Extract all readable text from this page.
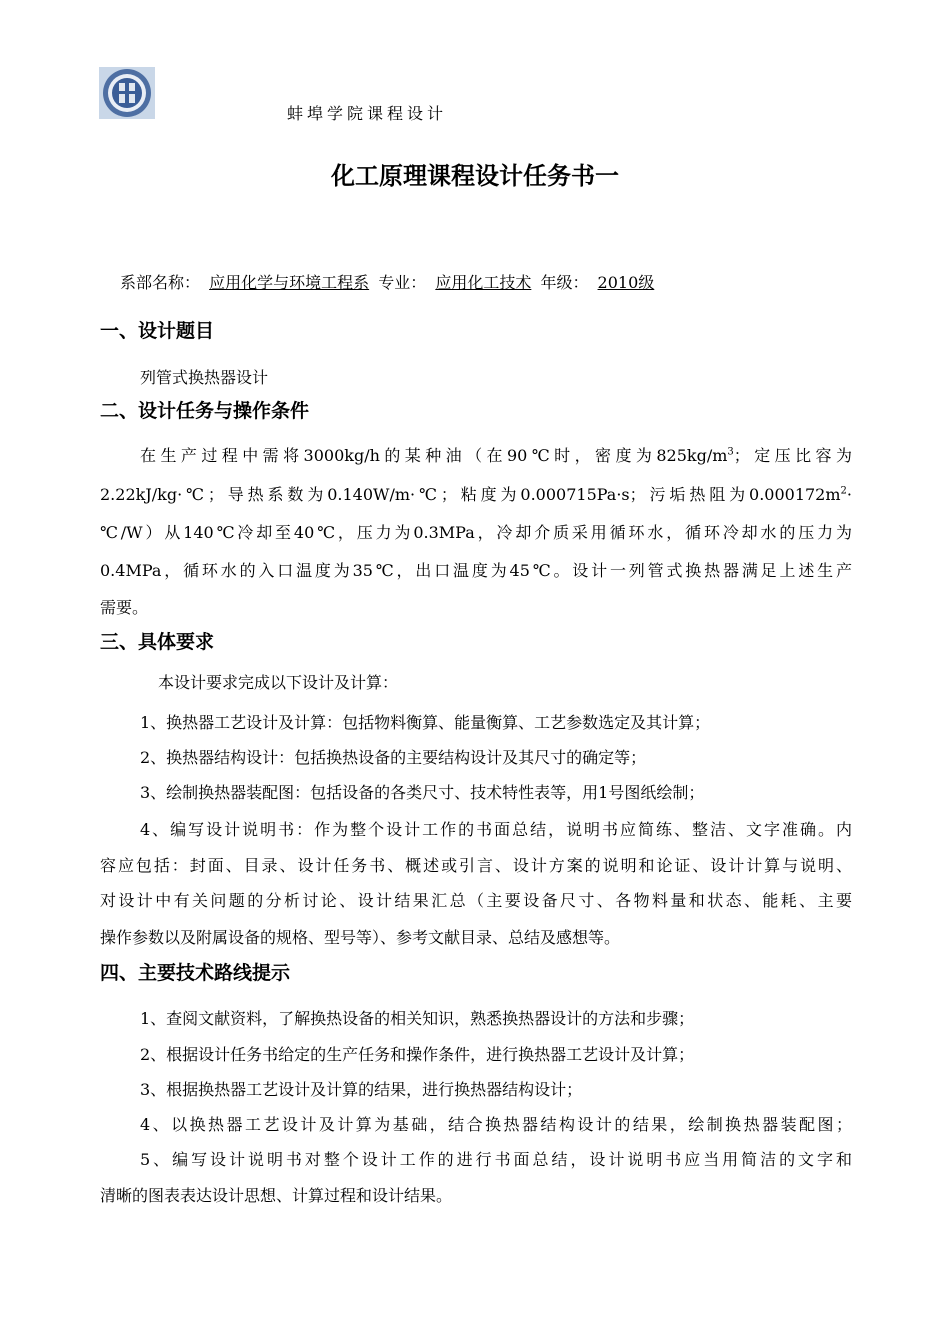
蚌埠学院课程设计
化工原理课程设计任务书一
系部名称： 应用化学与环境工程系 专业： 应用化工技术 年级： 2010级
一、设计题目
列管式换热器设计
二、设计任务与操作条件
在生产过程中需将3000kg/h的某种油（在90℃时，密度为$825kg/m^3$；定压比容为
2.22kJ/kg·℃；导热系数为0.140W/m·℃；粘度为0.000715Pa·s；污垢热阻为$0.000172m^2\cdot$
℃/W）从140℃冷却至40℃，压力为0.3MPa，冷却介质采用循环水，循环冷却水的压力为
0.4MPa，循环水的入口温度为35℃，出口温度为45℃。设计一列管式换热器满足上述生产
需要。
三、具体要求
本设计要求完成以下设计及计算：
1、换热器工艺设计及计算：包括物料衡算、能量衡算、工艺参数选定及其计算；
2、换热器结构设计：包括换热设备的主要结构设计及其尺寸的确定等；
3、绘制换热器装配图：包括设备的各类尺寸、技术特性表等，用1号图纸绘制；
4、编写设计说明书：作为整个设计工作的书面总结，说明书应简练、整洁、文字准确。内
容应包括：封面、目录、设计任务书、概述或引言、设计方案的说明和论证、设计计算与说明、
对设计中有关问题的分析讨论、设计结果汇总（主要设备尺寸、各物料量和状态、能耗、主要
操作参数以及附属设备的规格、型号等）、参考文献目录、总结及感想等。
四、主要技术路线提示
1、查阅文献资料，了解换热设备的相关知识，熟悉换热器设计的方法和步骤；
2、根据设计任务书给定的生产任务和操作条件，进行换热器工艺设计及计算；
3、根据换热器工艺设计及计算的结果，进行换热器结构设计；
4、以换热器工艺设计及计算为基础，结合换热器结构设计的结果，绘制换热器装配图；
5、编写设计说明书对整个设计工作的进行书面总结，设计说明书应当用简洁的文字和
清晰的图表表达设计思想、计算过程和设计结果。
